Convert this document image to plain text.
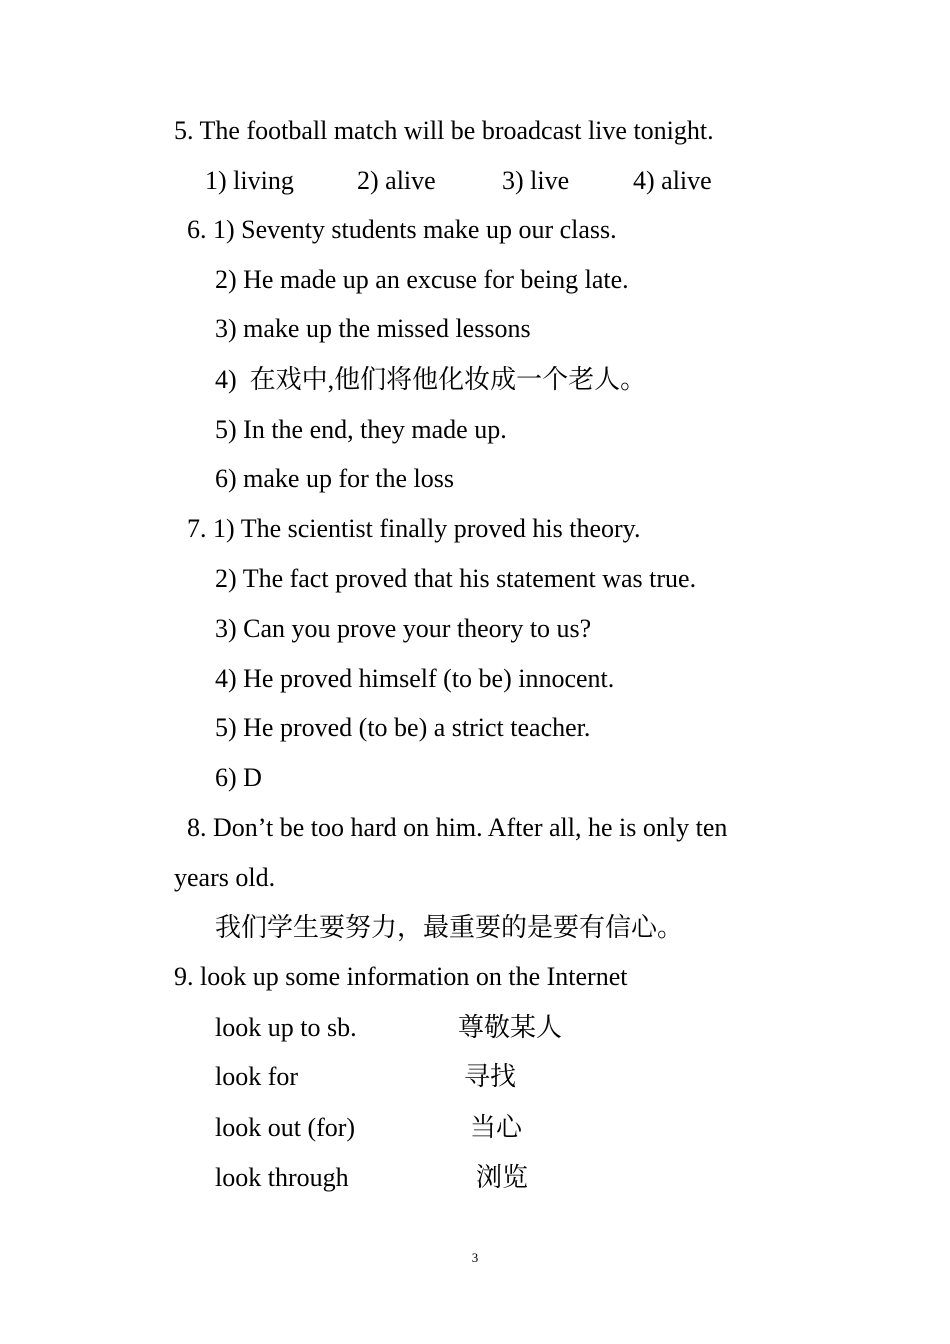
5. The football match will be broadcast live tonight.

1) living 2) alive	3) live 4) alive

6. 1) Seventy students make up our class.

2) He made up an excuse for being late.

3) make up the missed lessons

4)  在戏中,他们将他化妆成一个老人。

5) In the end, they made up.

6) make up for the loss

7. 1) The scientist finally proved his theory.

2) The fact proved that his statement was true.

3) Can you prove your theory to us?

4) He proved himself (to be) innocent.

5) He proved (to be) a strict teacher.

6) D

8. Don’t be too hard on him. After all, he is only ten

years old.

我们学生要努力，最重要的是要有信心。

9. look up some information on the Internet

look up to sb.	尊敬某人
look for	寻找
look out (for)	当心
look through	浏览
3
